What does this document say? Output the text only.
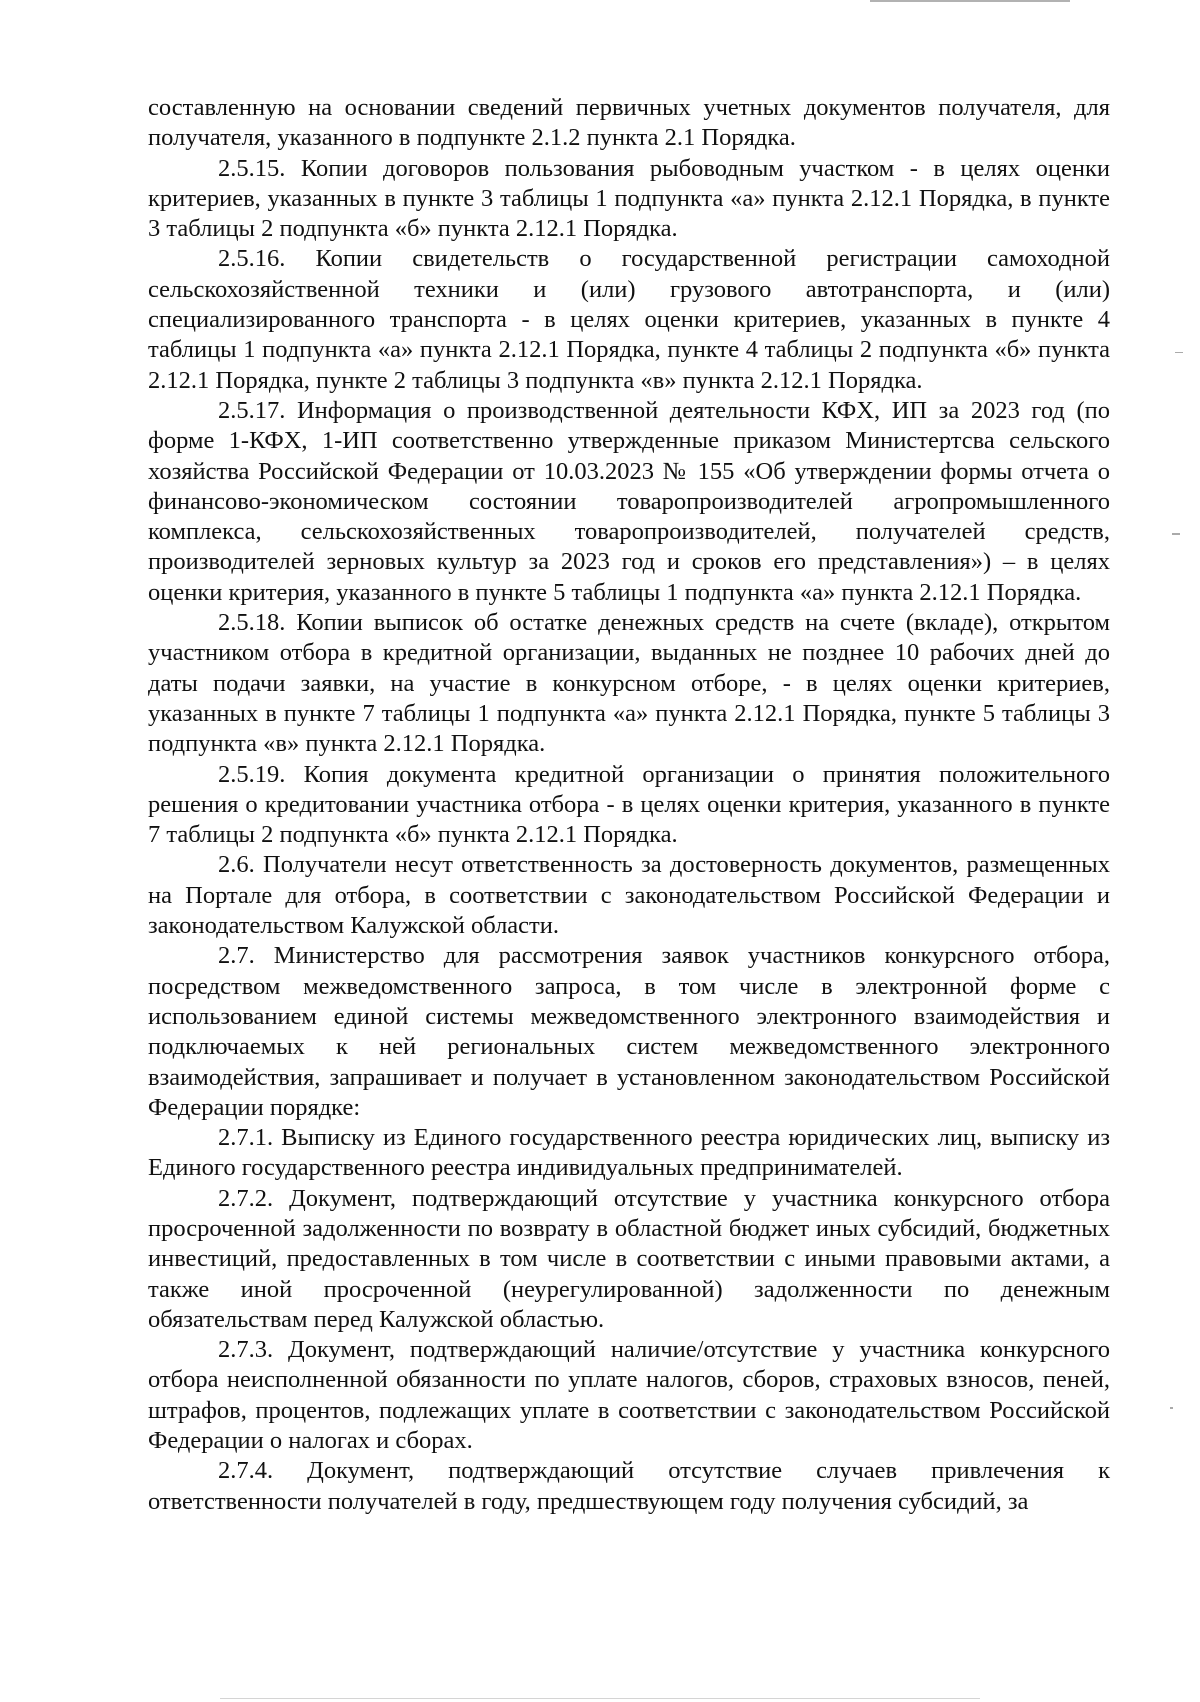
составленную на основании сведений первичных учетных документов получателя, для получателя, указанного в подпункте 2.1.2 пункта 2.1 Порядка.

2.5.15. Копии договоров пользования рыбоводным участком - в целях оценки критериев, указанных в пункте 3 таблицы 1 подпункта «а» пункта 2.12.1 Порядка, в пункте 3 таблицы 2 подпункта «б» пункта 2.12.1 Порядка.

2.5.16. Копии свидетельств о государственной регистрации самоходной сельскохозяйственной техники и (или) грузового автотранспорта, и (или) специализированного транспорта - в целях оценки критериев, указанных в пункте 4 таблицы 1 подпункта «а» пункта 2.12.1 Порядка, пункте 4 таблицы 2 подпункта «б» пункта 2.12.1 Порядка, пункте 2 таблицы 3 подпункта «в» пункта 2.12.1 Порядка.

2.5.17. Информация о производственной деятельности КФХ, ИП за 2023 год (по форме 1-КФХ, 1-ИП соответственно утвержденные приказом Министертсва сельского хозяйства Российской Федерации от 10.03.2023 № 155 «Об утверждении формы отчета о финансово-экономическом состоянии товаропроизводителей агропромышленного комплекса, сельскохозяйственных товаропроизводителей, получателей средств, производителей зерновых культур за 2023 год и сроков его представления») – в целях оценки критерия, указанного в пункте 5 таблицы 1 подпункта «а» пункта 2.12.1 Порядка.

2.5.18. Копии выписок об остатке денежных средств на счете (вкладе), открытом участником отбора в кредитной организации, выданных не позднее 10 рабочих дней до даты подачи заявки, на участие в конкурсном отборе, - в целях оценки критериев, указанных в пункте 7 таблицы 1 подпункта «а» пункта 2.12.1 Порядка, пункте 5 таблицы 3 подпункта «в» пункта 2.12.1 Порядка.

2.5.19. Копия документа кредитной организации о принятия положительного решения о кредитовании участника отбора - в целях оценки критерия, указанного в пункте 7 таблицы 2 подпункта «б» пункта 2.12.1 Порядка.

2.6. Получатели несут ответственность за достоверность документов, размещенных на Портале для отбора, в соответствии с законодательством Российской Федерации и законодательством Калужской области.

2.7. Министерство для рассмотрения заявок участников конкурсного отбора, посредством межведомственного запроса, в том числе в электронной форме с использованием единой системы межведомственного электронного взаимодействия и подключаемых к ней региональных систем межведомственного электронного взаимодействия, запрашивает и получает в установленном законодательством Российской Федерации порядке:

2.7.1. Выписку из Единого государственного реестра юридических лиц, выписку из Единого государственного реестра индивидуальных предпринимателей.

2.7.2. Документ, подтверждающий отсутствие у участника конкурсного отбора просроченной задолженности по возврату в областной бюджет иных субсидий, бюджетных инвестиций, предоставленных в том числе в соответствии с иными правовыми актами, а также иной просроченной (неурегулированной) задолженности по денежным обязательствам перед Калужской областью.

2.7.3. Документ, подтверждающий наличие/отсутствие у участника конкурсного отбора неисполненной обязанности по уплате налогов, сборов, страховых взносов, пеней, штрафов, процентов, подлежащих уплате в соответствии с законодательством Российской Федерации о налогах и сборах.

2.7.4. Документ, подтверждающий отсутствие случаев привлечения к ответственности получателей в году, предшествующем году получения субсидий, за
